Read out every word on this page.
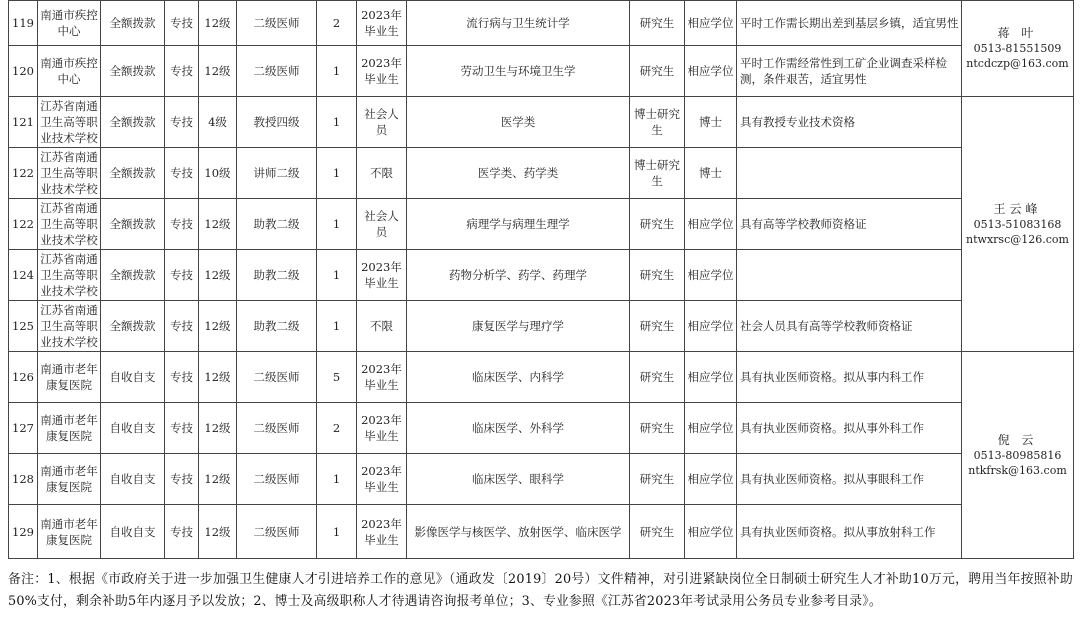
119	南通市疾控中心	全额拨款	专技	12级	二级医师	2	2023年毕业生	流行病与卫生统计学	研究生	相应学位	平时工作需长期出差到基层乡镇，适宜男性	蒋 叶
0513-81551509
ntcdczp@163.com

120	南通市疾控中心	全额拨款	专技	12级	二级医师	1	2023年毕业生	劳动卫生与环境卫生学	研究生	相应学位	平时工作需经常性到工矿企业调查采样检测，条件艰苦，适宜男性	
121	江苏省南通卫生高等职业技术学校	全额拨款	专技	4级	教授四级	1	社会人员	医学类	博士研究生	博士	具有教授专业技术资格	王云峰
0513-51083168
ntwxrsc@126.com

122	江苏省南通卫生高等职业技术学校	全额拨款	专技	10级	讲师二级	1	不限	医学类、药学类	博士研究生	博士		
122	江苏省南通卫生高等职业技术学校	全额拨款	专技	12级	助教二级	1	社会人员	病理学与病理生理学	研究生	相应学位	具有高等学校教师资格证	
124	江苏省南通卫生高等职业技术学校	全额拨款	专技	12级	助教二级	1	2023年毕业生	药物分析学、药学、药理学	研究生	相应学位		
125	江苏省南通卫生高等职业技术学校	全额拨款	专技	12级	助教二级	1	不限	康复医学与理疗学	研究生	相应学位	社会人员具有高等学校教师资格证	
126	南通市老年康复医院	自收自支	专技	12级	二级医师	5	2023年毕业生	临床医学、内科学	研究生	相应学位	具有执业医师资格。拟从事内科工作	倪 云
0513-80985816
ntkfrsk@163.com

127	南通市老年康复医院	自收自支	专技	12级	二级医师	2	2023年毕业生	临床医学、外科学	研究生	相应学位	具有执业医师资格。拟从事外科工作	
128	南通市老年康复医院	自收自支	专技	12级	二级医师	1	2023年毕业生	临床医学、眼科学	研究生	相应学位	具有执业医师资格。拟从事眼科工作	
129	南通市老年康复医院	自收自支	专技	12级	二级医师	1	2023年毕业生	影像医学与核医学、放射医学、临床医学	研究生	相应学位	具有执业医师资格。拟从事放射科工作	
备注：1、根据《市政府关于进一步加强卫生健康人才引进培养工作的意见》（通政发〔2019〕20号）文件精神，对引进紧缺岗位全日制硕士研究生人才补助10万元，聘用当年按照补助50%支付，剩余补助5年内逐月予以发放；2、博士及高级职称人才待遇请咨询报考单位；3、专业参照《江苏省2023年考试录用公务员专业参考目录》。
